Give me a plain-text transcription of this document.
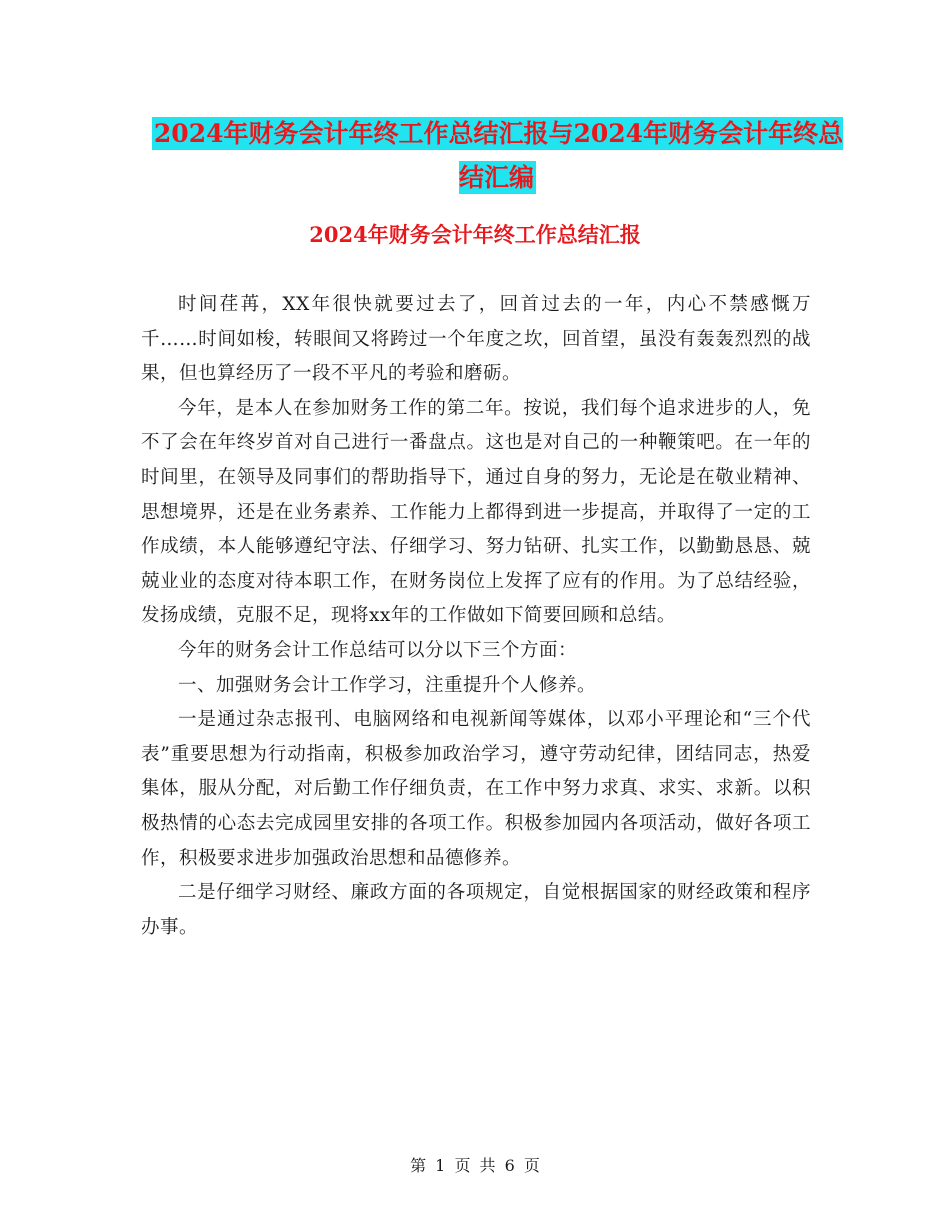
2024年财务会计年终工作总结汇报与2024年财务会计年终总结汇编
2024年财务会计年终工作总结汇报

时间荏苒，XX年很快就要过去了，回首过去的一年，内心不禁感慨万千……时间如梭，转眼间又将跨过一个年度之坎，回首望，虽没有轰轰烈烈的战果，但也算经历了一段不平凡的考验和磨砺。

今年，是本人在参加财务工作的第二年。按说，我们每个追求进步的人，免不了会在年终岁首对自己进行一番盘点。这也是对自己的一种鞭策吧。在一年的时间里，在领导及同事们的帮助指导下，通过自身的努力，无论是在敬业精神、思想境界，还是在业务素养、工作能力上都得到进一步提高，并取得了一定的工作成绩，本人能够遵纪守法、仔细学习、努力钻研、扎实工作，以勤勤恳恳、兢兢业业的态度对待本职工作，在财务岗位上发挥了应有的作用。为了总结经验，发扬成绩，克服不足，现将xx年的工作做如下简要回顾和总结。

今年的财务会计工作总结可以分以下三个方面：

一、加强财务会计工作学习，注重提升个人修养。

一是通过杂志报刊、电脑网络和电视新闻等媒体，以邓小平理论和“三个代表”重要思想为行动指南，积极参加政治学习，遵守劳动纪律，团结同志，热爱集体，服从分配，对后勤工作仔细负责，在工作中努力求真、求实、求新。以积极热情的心态去完成园里安排的各项工作。积极参加园内各项活动，做好各项工作，积极要求进步加强政治思想和品德修养。

二是仔细学习财经、廉政方面的各项规定，自觉根据国家的财经政策和程序办事。

第 1 页 共 6 页
